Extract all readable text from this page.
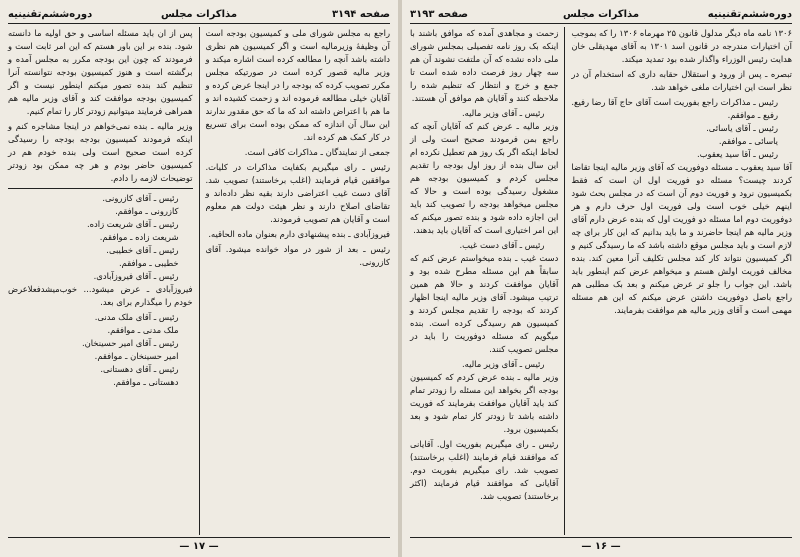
صفحه ۳۱۹۴
مذاکرات مجلس
دوره‌ششم‌تقنینیه

راجع به مجلس شورای ملی و کمیسیون بودجه است آن وظیفهٔ وزیرمالیه است و اگر کمیسیون هم نظری داشته باشد آنچه را مطالعه کرده است اشاره میکند و وزیر مالیه قصور کرده است در صورتیکه مجلس مکرر تصویب کرده که بودجه را در اینجا عرض کرده و آقایان خیلی مطالعه فرموده اند و زحمت کشیده اند و ما هم با اعتراض داشته اند که ما که حق مقدور ندارند این سال آن اندازه که ممکن بوده است برای تسریع در کار کمک هم کرده اند.

جمعی از نمایندگان ـ مذاکرات کافی است.

رئیس ـ رای میگیریم بکفایت مذاکرات در کلیات. موافقین قیام فرمایند (اغلب برخاستند) تصویب شد. آقای دست غیب اعتراضی دارند بقیه نظر داده‌اند و تقاضای اصلاح دارند و نظر هیئت دولت هم معلوم است و آقایان هم تصویب فرمودند.

فیروزآبادی ـ بنده پیشنهادی دارم بعنوان ماده الحاقیه.

رئیس ـ بعد از شور در مواد خوانده میشود. آقای کازرونی.

پس از ان باید مسئله اساسی و حق اولیه ما دانسته شود. بنده بر این باور هستم که این امر ثابت است و فرمودند که چون این بودجه مکرر به مجلس آمده و برگشته است و هنوز کمیسیون بودجه نتوانسته آنرا تنظیم کند بنده تصور میکنم اینطور نیست و اگر کمیسیون بودجه موافقت کند و آقای وزیر مالیه هم همراهی فرمایند میتوانیم زودتر کار را تمام کنیم.

وزیر مالیه ـ بنده نمی‌خواهم در اینجا مشاجره کنم و اینکه فرمودند کمیسیون بودجه بودجه را رسیدگی کرده است صحیح است ولی بنده خودم هم در کمیسیون حاضر بودم و هر چه ممکن بود زودتر توضیحات لازمه را دادم.

رئیس ـ آقای کازرونی.

کازرونی ـ موافقم.

رئیس ـ آقای شریعت زاده.

شریعت زاده ـ موافقم.

رئیس ـ آقای خطیبی.

خطیبی ـ موافقم.

رئیس ـ آقای فیروزآبادی.

فیروزآبادی ـ عرض میشود... خوب‌میشد‌فعلا‌عرض خودم را میگذارم برای بعد.

رئیس ـ آقای ملک مدنی.

ملک مدنی ـ موافقم.

رئیس ـ آقای امیر حسینخان.

امیر حسینخان ـ موافقم.

رئیس ـ آقای دهستانی.

دهستانی ـ موافقم.

— ۱۷ —
دوره‌ششم‌تقنینیه
مذاکرات مجلس
صفحه ۳۱۹۳

۱۳۰۶ نامه ماه دیگر مدلول قانون ۲۵ مهرماه ۱۳۰۶ را که بموجب آن اختیارات مندرجه در قانون اسد ۱۳۰۱ به آقای مهدیقلی خان هدایت رئیس الوزراء واگذار شده بود تمدید میکند.

تبصره ـ پس از ورود و استقلال حقابه داری که استخدام آن در نظر است این اختیارات ملغی خواهد شد.

رئیس ـ مذاکرات راجع بفوریت است آقای حاج آقا رضا رفیع.

رفیع ـ موافقم.

رئیس ـ آقای یاسائی.

یاسائی ـ موافقم.

رئیس ـ آقا سید یعقوب.

آقا سید یعقوب ـ مسئله دوفوریت که آقای وزیر مالیه اینجا تقاضا کردند چیست؟ مسئله دو فوریت اول ان است که فقط بکمیسیون نرود و فوریت دوم آن است که در مجلس بحث شود اینهم خیلی خوب است ولی فوریت اول حرف دارم و هر دوفوریت دوم اما مسئله دو فوریت اول که بنده عرض دارم آقای وزیر مالیه هم اینجا حاضرند و ما باید بدانیم که این کار برای چه لازم است و باید مجلس موقع داشته باشد که ما رسیدگی کنیم و اگر کمیسیون نتواند کار کند مجلس تکلیف آنرا معین کند. بنده مخالف فوریت اولش هستم و میخواهم عرض کنم اینطور باید باشد. این جواب را جلو تر عرض میکنم و بعد بک مطلبی هم راجع باصل دوفوریت داشتن عرض میکنم که این هم مسئله مهمی است و آقای وزیر مالیه هم موافقت بفرمایند.

زحمت و مجاهدی آمده که موافق باشند با اینکه بک روز نامه تفصیلی بمجلس شورای ملی داده نشده که آن ملتفت نشوند آن هم سه چهار روز فرصت داده شده است تا جمع و خرج و انتظار که تنظیم شده را ملاحظه کنند و آقایان هم موافق آن هستند.

رئیس ـ آقای وزیر مالیه.

وزیر مالیه ـ عرض کنم که آقایان آنچه که راجع بمن فرمودند صحیح است ولی از لحاظ اینکه اگر بک روز هم تعطیل نکرده ام این سال بنده از روز اول بودجه را تقدیم مجلس کردم و کمیسیون بودجه هم مشغول رسیدگی بوده است و حالا که مجلس میخواهد بودجه را تصویب کند باید این اجازه داده شود و بنده تصور میکنم که این امر اختیاری است که آقایان باید بدهند.

رئیس ـ آقای دست غیب.

دست غیب ـ بنده میخواستم عرض کنم که سابقاً هم این مسئله مطرح شده بود و آقایان موافقت کردند و حالا هم همین ترتیب میشود. آقای وزیر مالیه اینجا اظهار کردند که بودجه را تقدیم مجلس کردند و کمیسیون هم رسیدگی کرده است. بنده میگویم که مسئله دوفوریت را باید در مجلس تصویب کنند.

رئیس ـ آقای وزیر مالیه.

وزیر مالیه ـ بنده عرض کردم که کمیسیون بودجه اگر بخواهد این مسئله را زودتر تمام کند باید آقایان موافقت بفرمایند که فوریت داشته باشد تا زودتر کار تمام شود و بعد بکمیسیون برود.

رئیس ـ رای میگیریم بفوریت اول. آقایانی که موافقند قیام فرمایند (اغلب برخاستند) تصویب شد. رای میگیریم بفوریت دوم. آقایانی که موافقند قیام فرمایند (اکثر برخاستند) تصویب شد.

— ۱۶ —
